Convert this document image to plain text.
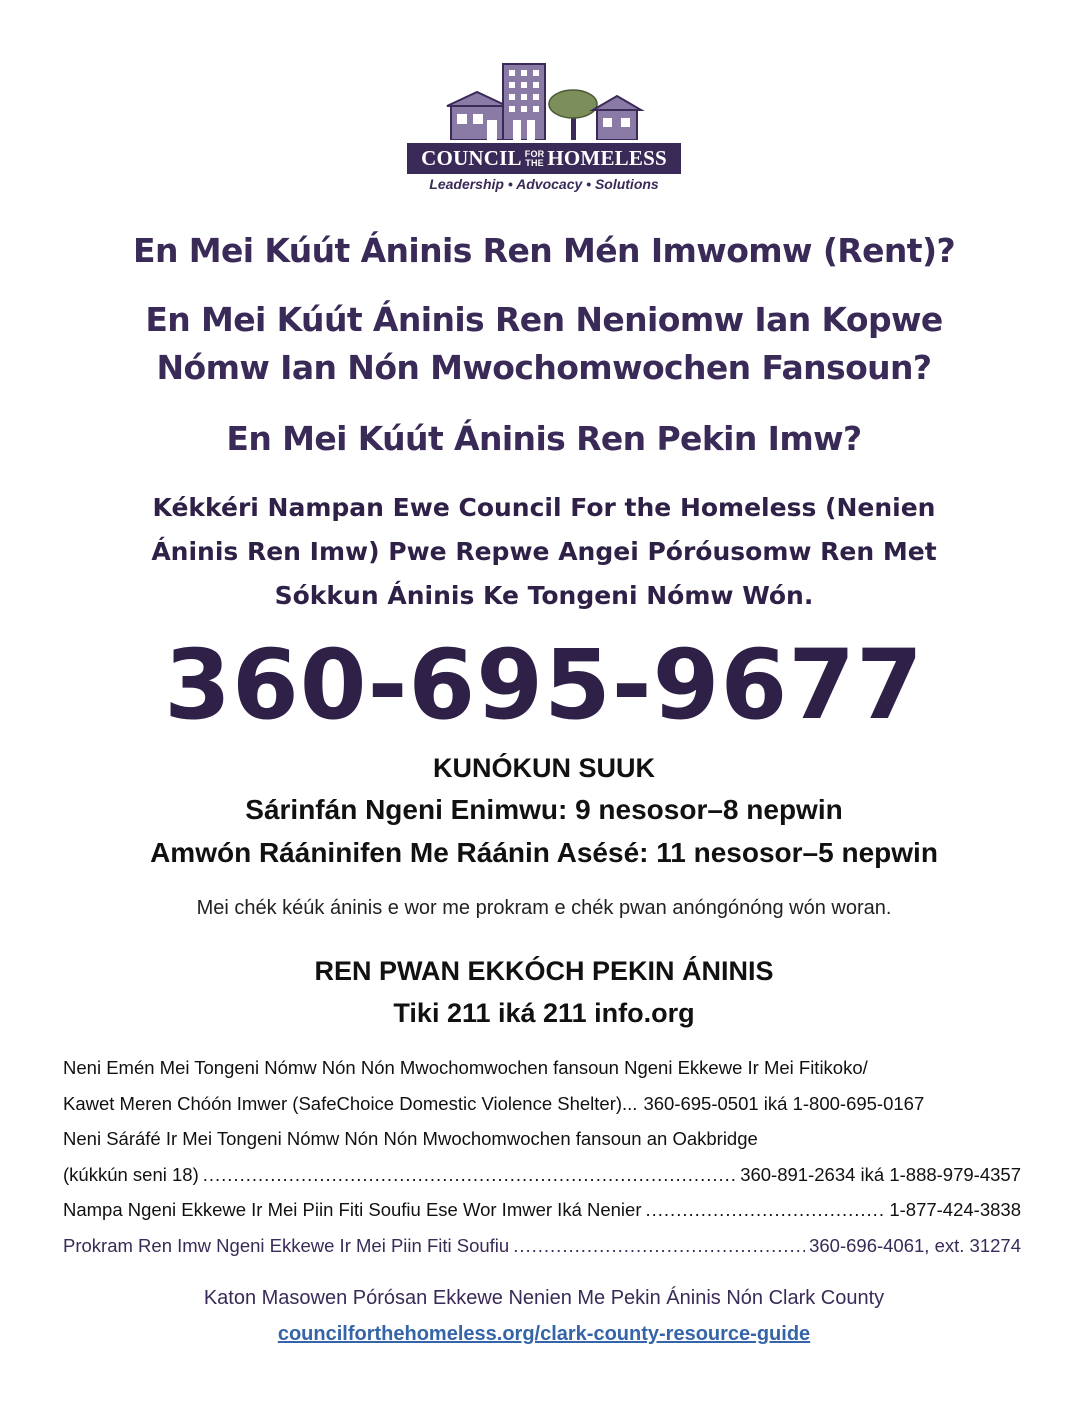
COUNCIL FOR
THE HOMELESS
Leadership • Advocacy • Solutions
En Mei Kúút Áninis Ren Mén Imwomw (Rent)?
En Mei Kúút Áninis Ren Neniomw Ian Kopwe
Nómw Ian Nón Mwochomwochen Fansoun?
En Mei Kúút Áninis Ren Pekin Imw?
Kékkéri Nampan Ewe Council For the Homeless (Nenien
Áninis Ren Imw) Pwe Repwe Angei Póróusomw Ren Met
Sókkun Áninis Ke Tongeni Nómw Wón.
360-695-9677
KUNÓKUN SUUK
Sárinfán Ngeni Enimwu: 9 nesosor–8 nepwin
Amwón Rááninifen Me Ráánin Asésé: 11 nesosor–5 nepwin
Mei chék kéúk áninis e wor me prokram e chék pwan anóngónóng wón woran.
REN PWAN EKKÓCH PEKIN ÁNINIS
Tiki 211 iká 211 info.org
Neni Emén Mei Tongeni Nómw Nón Nón Mwochomwochen fansoun Ngeni Ekkewe Ir Mei Fitikoko/
Kawet Meren Chóón Imwer (SafeChoice Domestic Violence Shelter)... 360-695-0501 iká 1-800-695-0167
Neni Sáráfé Ir Mei Tongeni Nómw Nón Nón Mwochomwochen fansoun an Oakbridge
(kúkkún seni 18) .....	360-891-2634 iká 1-888-979-4357
Nampa Ngeni Ekkewe Ir Mei Piin Fiti Soufiu Ese Wor Imwer Iká Nenier .....	1-877-424-3838
Prokram Ren Imw Ngeni Ekkewe Ir Mei Piin Fiti Soufiu .....	360-696-4061, ext. 31274
Katon Masowen Pórósan Ekkewe Nenien Me Pekin Áninis Nón Clark County
councilforthehomeless.org/clark-county-resource-guide
